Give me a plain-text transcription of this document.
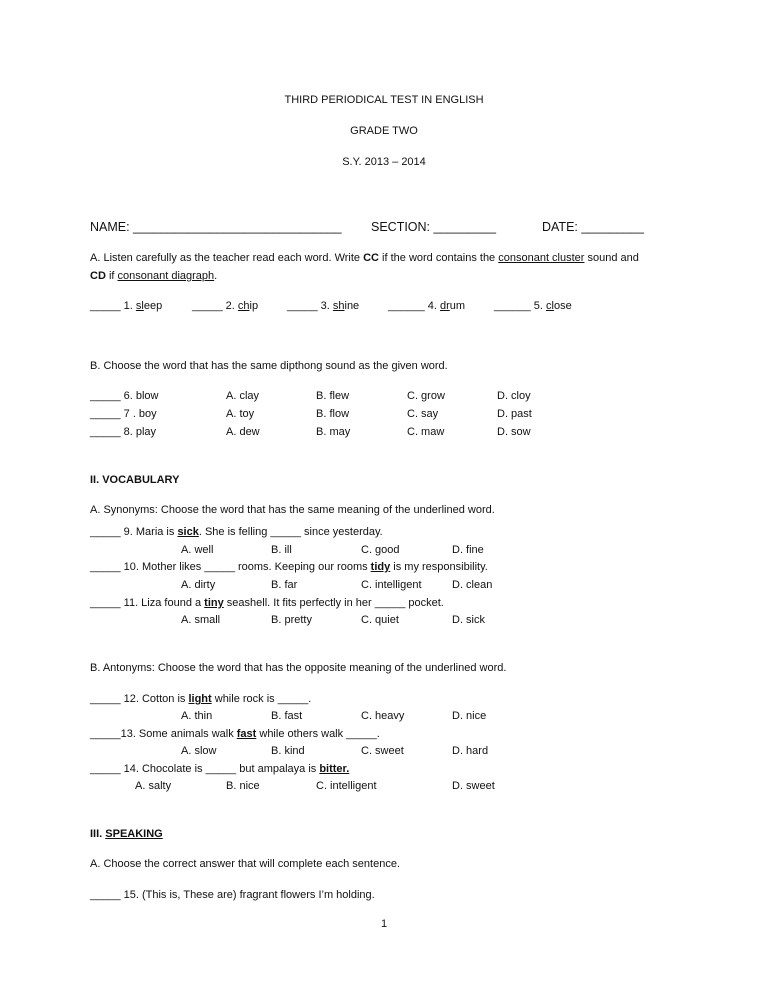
THIRD PERIODICAL TEST IN ENGLISH
GRADE TWO
S.Y. 2013 – 2014
NAME: ______________________________ SECTION: _________	DATE: _________
A. Listen carefully as the teacher read each word. Write CC if the word contains the consonant cluster sound and
CD if consonant diagraph.
_____ 1. sleep	_____ 2. chip	_____ 3. shine	______ 4. drum	______ 5. close
B. Choose the word that has the same dipthong sound as the given word.
_____ 6. blow	A. clay	B. flew	C. grow	D. cloy
_____ 7 . boy	A. toy	B. flow	C. say	D. past
_____ 8. play	A. dew	B. may	C. maw	D. sow
II. VOCABULARY
A. Synonyms: Choose the word that has the same meaning of the underlined word.
_____ 9. Maria is sick. She is felling _____ since yesterday.
A. well	B. ill	C. good	D. fine
_____ 10. Mother likes _____ rooms. Keeping our rooms tidy is my responsibility.
A. dirty	B. far	C. intelligent	D. clean
_____ 11. Liza found a tiny seashell. It fits perfectly in her _____ pocket.
A. small	B. pretty	C. quiet	D. sick
B. Antonyms: Choose the word that has the opposite meaning of the underlined word.
_____ 12. Cotton is light while rock is _____.
A. thin	B. fast	C. heavy	D. nice
_____13. Some animals walk fast while others walk _____.
A. slow	B. kind	C. sweet	D. hard
_____ 14. Chocolate is _____ but ampalaya is bitter.
A. salty	B. nice	C. intelligent	D. sweet
III. SPEAKING
A. Choose the correct answer that will complete each sentence.
_____ 15. (This is, These are) fragrant flowers I’m holding.
1
